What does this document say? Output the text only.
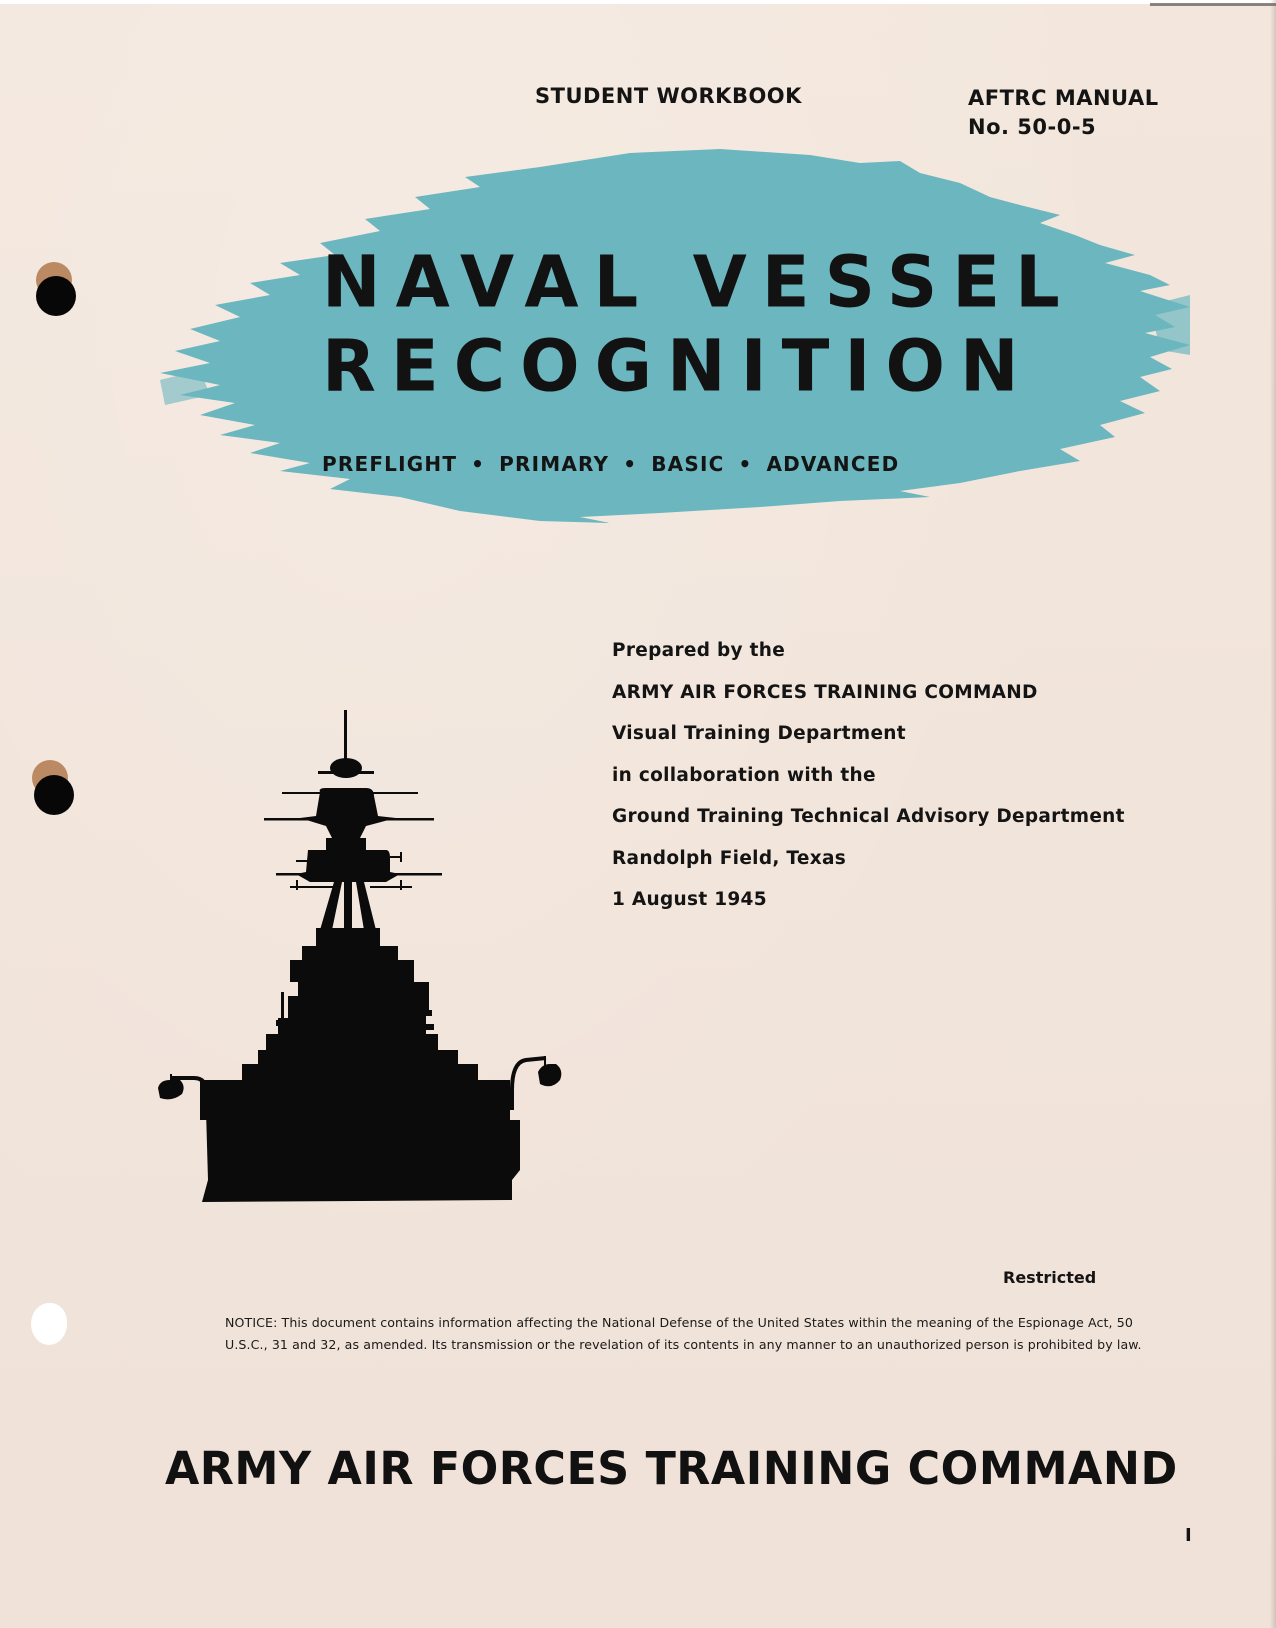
STUDENT WORKBOOK	AFTRC MANUAL
No. 50-0-5
NAVAL VESSEL
RECOGNITION
PREFLIGHT • PRIMARY • BASIC • ADVANCED
Prepared by the
ARMY AIR FORCES TRAINING COMMAND
Visual Training Department
in collaboration with the
Ground Training Technical Advisory Department
Randolph Field, Texas
1 August 1945
Restricted
NOTICE: This document contains information affecting the National Defense of the United States within the meaning of the Espionage Act, 50 U.S.C., 31 and 32, as amended. Its transmission or the revelation of its contents in any manner to an unauthorized person is prohibited by law.
ARMY AIR FORCES TRAINING COMMAND
I
